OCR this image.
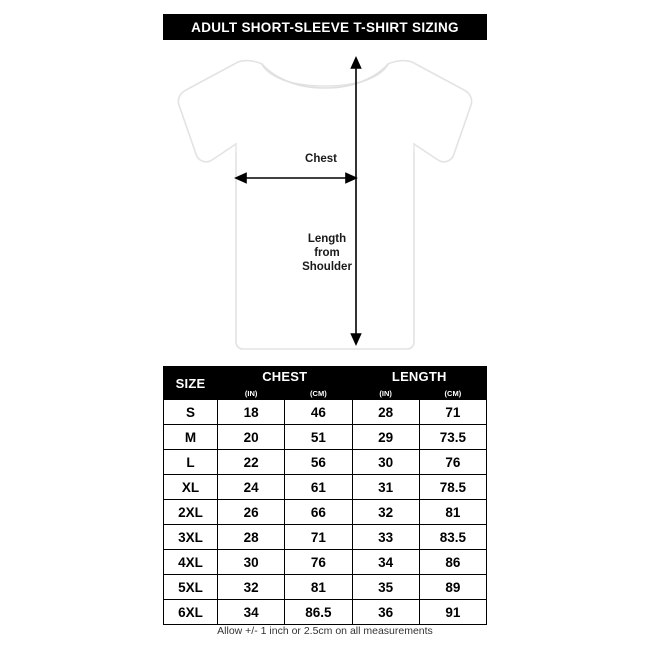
ADULT SHORT-SLEEVE T-SHIRT SIZING
Chest
Length
from
Shoulder
SIZE	CHEST		LENGTH	
	(IN)	(CM)	(IN)	(CM)
S	18	46	28	71
M	20	51	29	73.5
L	22	56	30	76
XL	24	61	31	78.5
2XL	26	66	32	81
3XL	28	71	33	83.5
4XL	30	76	34	86
5XL	32	81	35	89
6XL	34	86.5	36	91
Allow +/- 1 inch or 2.5cm on all measurements
